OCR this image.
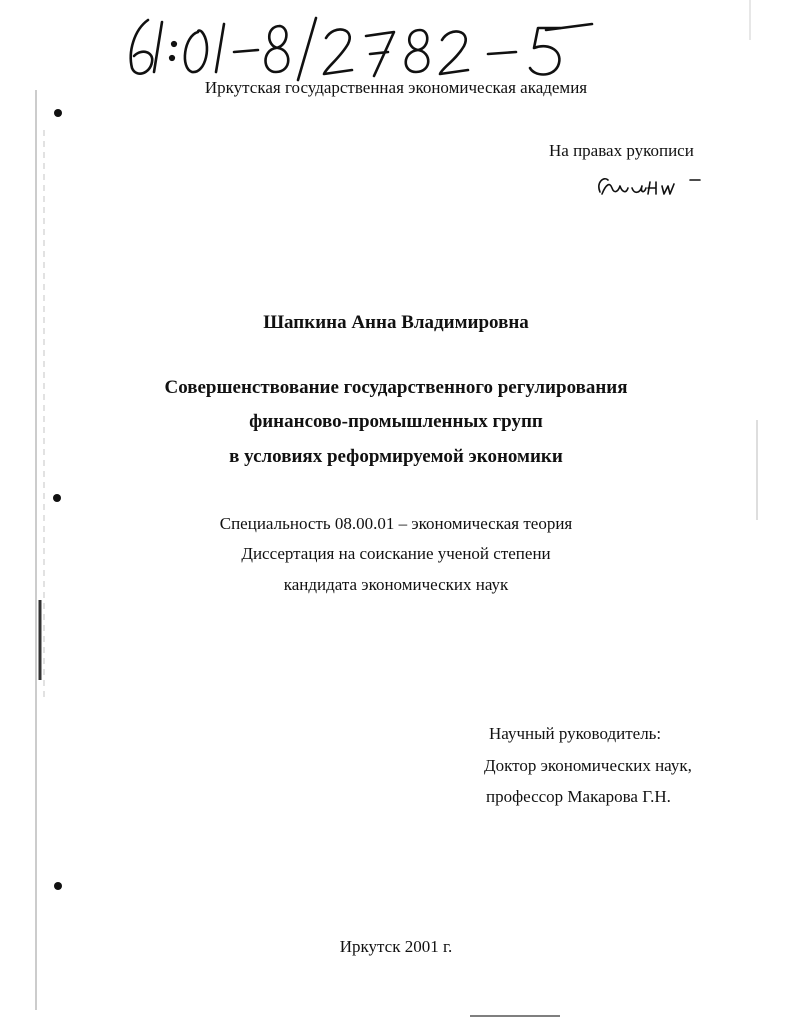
Иркутская государственная экономическая академия
На правах рукописи
Шапкина Анна Владимировна
Совершенствование государственного регулирования
финансово-промышленных групп
в условиях реформируемой экономики
Специальность 08.00.01 – экономическая теория
Диссертация на соискание ученой степени
кандидата экономических наук
Научный руководитель:
Доктор экономических наук,
профессор Макарова Г.Н.
Иркутск 2001 г.
